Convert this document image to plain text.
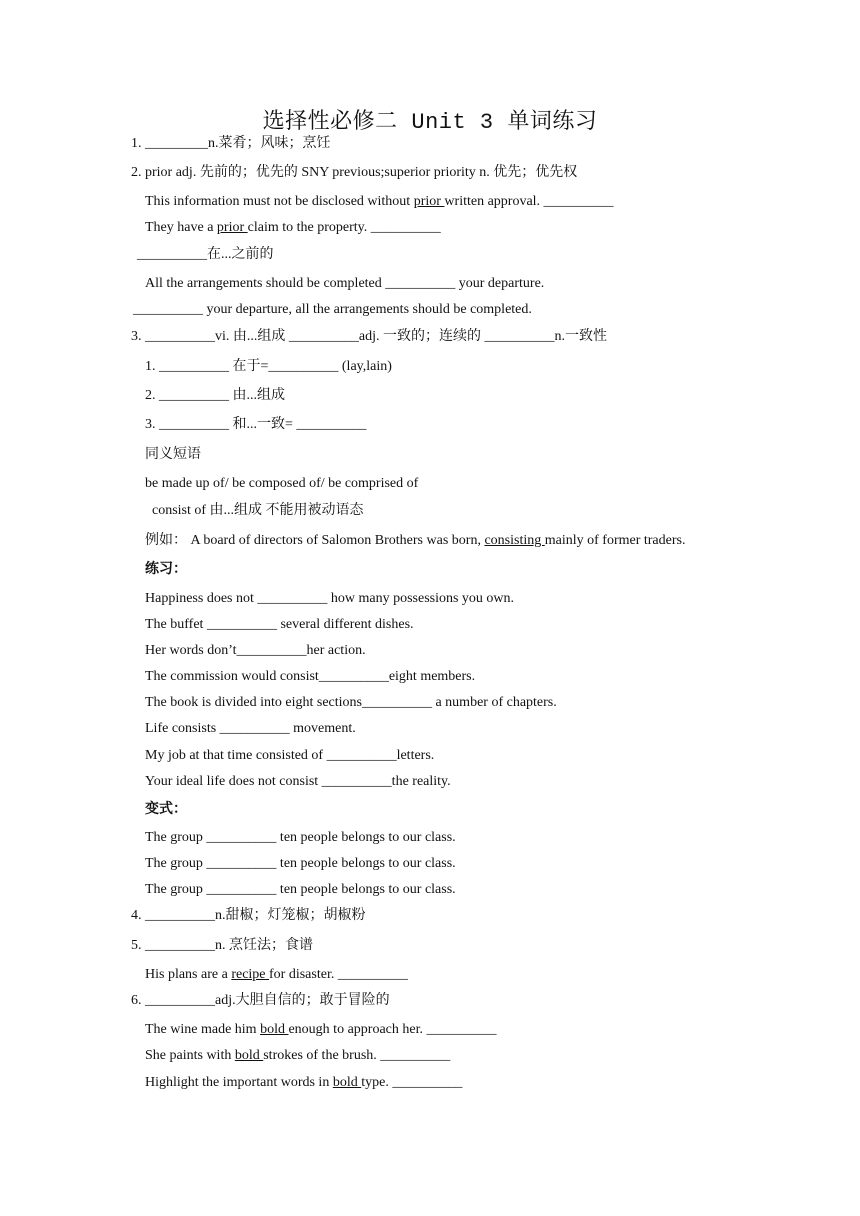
选择性必修二 Unit 3 单词练习
1. _________n.菜肴；风味；烹饪
2. prior adj. 先前的；优先的 SNY previous;superior priority n. 优先；优先权
This information must not be disclosed without prior written approval. __________
They have a prior claim to the property. __________
__________在...之前的
All the arrangements should be completed __________ your departure.
__________ your departure, all the arrangements should be completed.
3. __________vi. 由...组成 __________adj. 一致的；连续的 __________n.一致性
1. __________ 在于=__________ (lay,lain)
2. __________ 由...组成
3. __________ 和...一致= __________
同义短语
be made up of/ be composed of/ be comprised of
consist of 由...组成 不能用被动语态
例如： A board of directors of Salomon Brothers was born, consisting mainly of former traders.
练习：
Happiness does not __________ how many possessions you own.
The buffet __________ several different dishes.
Her words don’t__________her action.
The commission would consist__________eight members.
The book is divided into eight sections__________ a number of chapters.
Life consists __________ movement.
My job at that time consisted of __________letters.
Your ideal life does not consist __________the reality.
变式：
The group __________ ten people belongs to our class.
The group __________ ten people belongs to our class.
The group __________ ten people belongs to our class.
4. __________n.甜椒；灯笼椒；胡椒粉
5. __________n. 烹饪法；食谱
His plans are a recipe for disaster. __________
6. __________adj.大胆自信的；敢于冒险的
The wine made him bold enough to approach her. __________
She paints with bold strokes of the brush. __________
Highlight the important words in bold type. __________
